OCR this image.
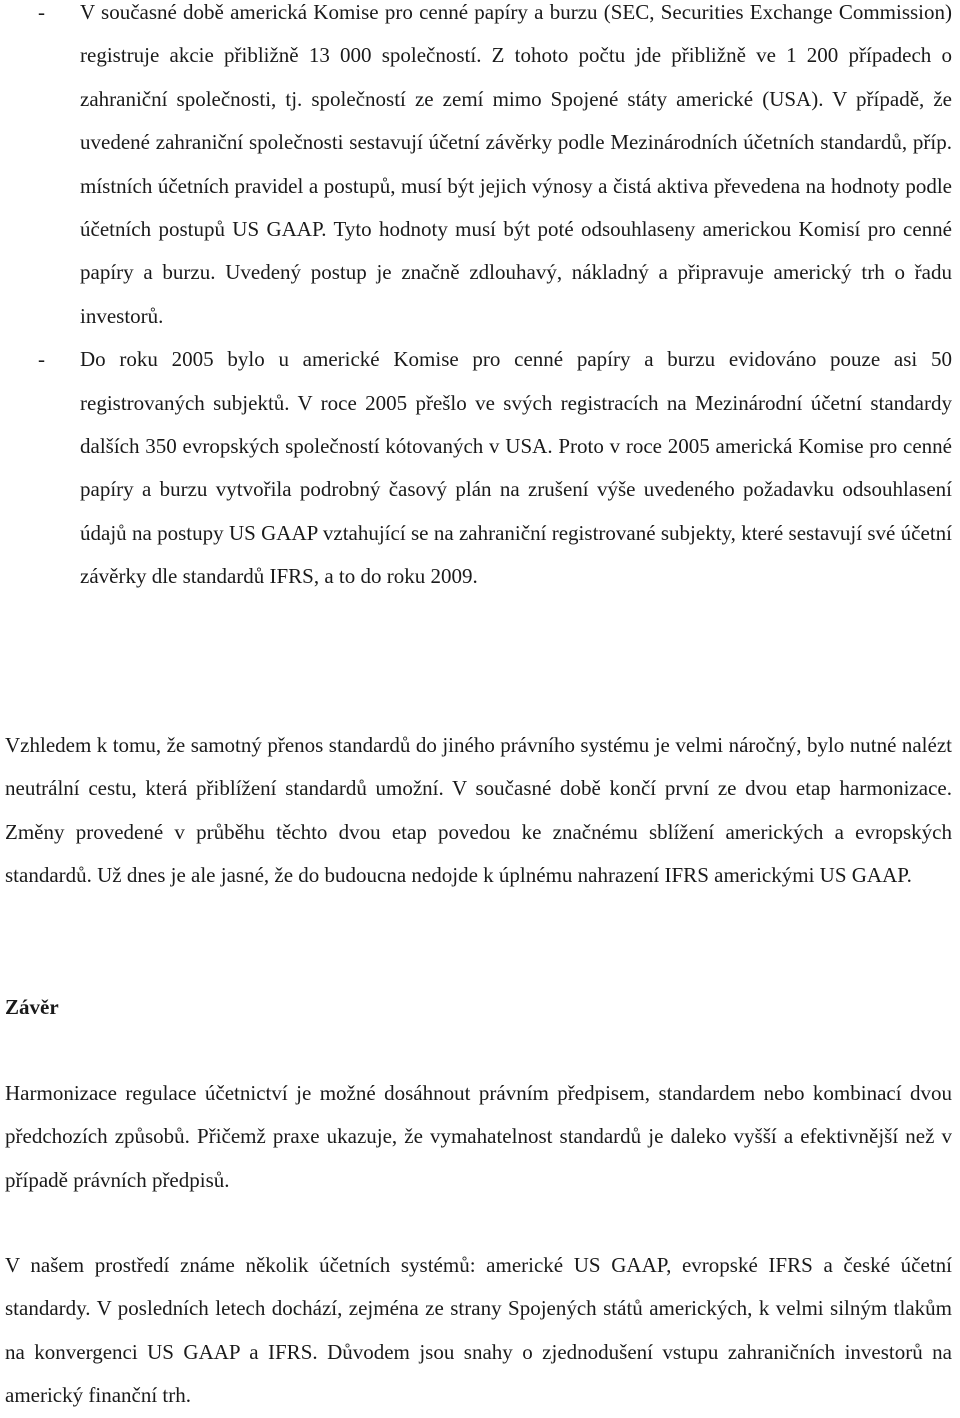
-	V současné době americká Komise pro cenné papíry a burzu (SEC, Securities Exchange Commission) registruje akcie přibližně 13 000 společností. Z tohoto počtu jde přibližně ve 1 200 případech o zahraniční společnosti, tj. společností ze zemí mimo Spojené státy americké (USA). V případě, že uvedené zahraniční společnosti sestavují účetní závěrky podle Mezinárodních účetních standardů, příp. místních účetních pravidel a postupů, musí být jejich výnosy a čistá aktiva převedena na hodnoty podle účetních postupů US GAAP. Tyto hodnoty musí být poté odsouhlaseny americkou Komisí pro cenné papíry a burzu. Uvedený postup je značně zdlouhavý, nákladný a připravuje americký trh o řadu investorů.
-	Do roku 2005 bylo u americké Komise pro cenné papíry a burzu evidováno pouze asi 50 registrovaných subjektů. V roce 2005 přešlo ve svých registracích na Mezinárodní účetní standardy dalších 350 evropských společností kótovaných v USA. Proto v roce 2005 americká Komise pro cenné papíry a burzu vytvořila podrobný časový plán na zrušení výše uvedeného požadavku odsouhlasení údajů na postupy US GAAP vztahující se na zahraniční registrované subjekty, které sestavují své účetní závěrky dle standardů IFRS, a to do roku 2009.

Vzhledem k tomu, že samotný přenos standardů do jiného právního systému je velmi náročný, bylo nutné nalézt neutrální cestu, která přiblížení standardů umožní. V současné době končí první ze dvou etap harmonizace. Změny provedené v průběhu těchto dvou etap povedou ke značnému sblížení amerických a evropských standardů. Už dnes je ale jasné, že do budoucna nedojde k úplnému nahrazení IFRS americkými US GAAP.

Závěr

Harmonizace regulace účetnictví je možné dosáhnout právním předpisem, standardem nebo kombinací dvou předchozích způsobů. Přičemž praxe ukazuje, že vymahatelnost standardů je daleko vyšší a efektivnější než v případě právních předpisů.

V našem prostředí známe několik účetních systémů: americké US GAAP, evropské IFRS a české účetní standardy. V posledních letech dochází, zejména ze strany Spojených států amerických, k velmi silným tlakům na konvergenci US GAAP a IFRS. Důvodem jsou snahy o zjednodušení vstupu zahraničních investorů na americký finanční trh.
